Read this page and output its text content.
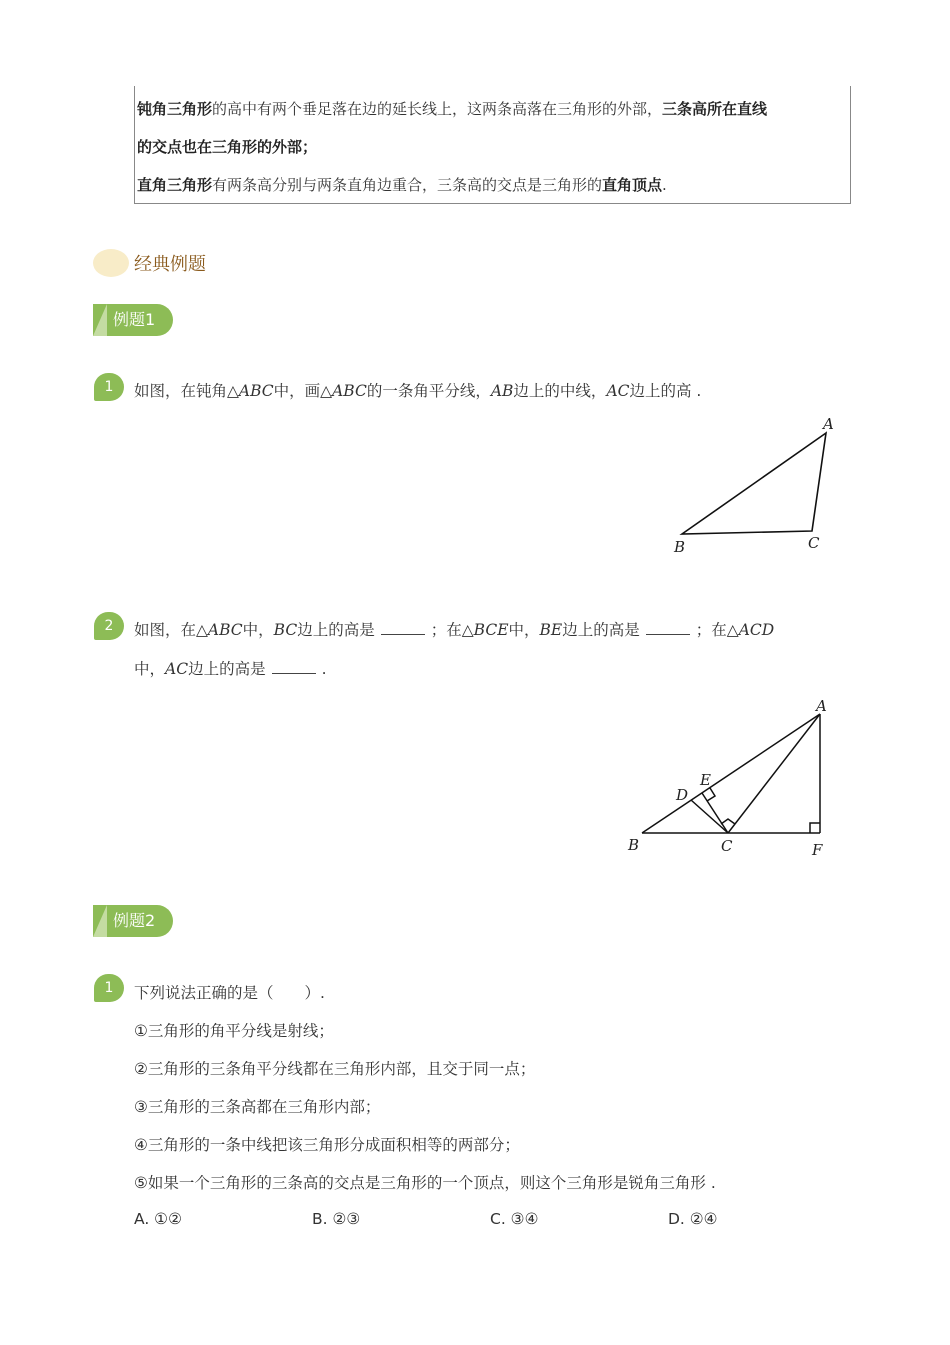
钝角三角形的高中有两个垂足落在边的延长线上，这两条高落在三角形的外部，三条高所在直线
的交点也在三角形的外部；
直角三角形有两条高分别与两条直角边重合，三条高的交点是三角形的直角顶点.
经典例题
例题1
1	如图，在钝角△ABC中，画△ABC的一条角平分线，AB边上的中线，AC边上的高 .
A
B	C
2	如图，在△ABC中，BC边上的高是	；在△BCE中，BE边上的高是	；在△ACD
中，AC边上的高是	.
A
B	C
D
E
F
例题2
1	下列说法正确的是（　　）.
①三角形的角平分线是射线；
②三角形的三条角平分线都在三角形内部，且交于同一点；
③三角形的三条高都在三角形内部；
④三角形的一条中线把该三角形分成面积相等的两部分；
⑤如果一个三角形的三条高的交点是三角形的一个顶点，则这个三角形是锐角三角形 .
A. ①②	B. ②③	C. ③④	D. ②④
